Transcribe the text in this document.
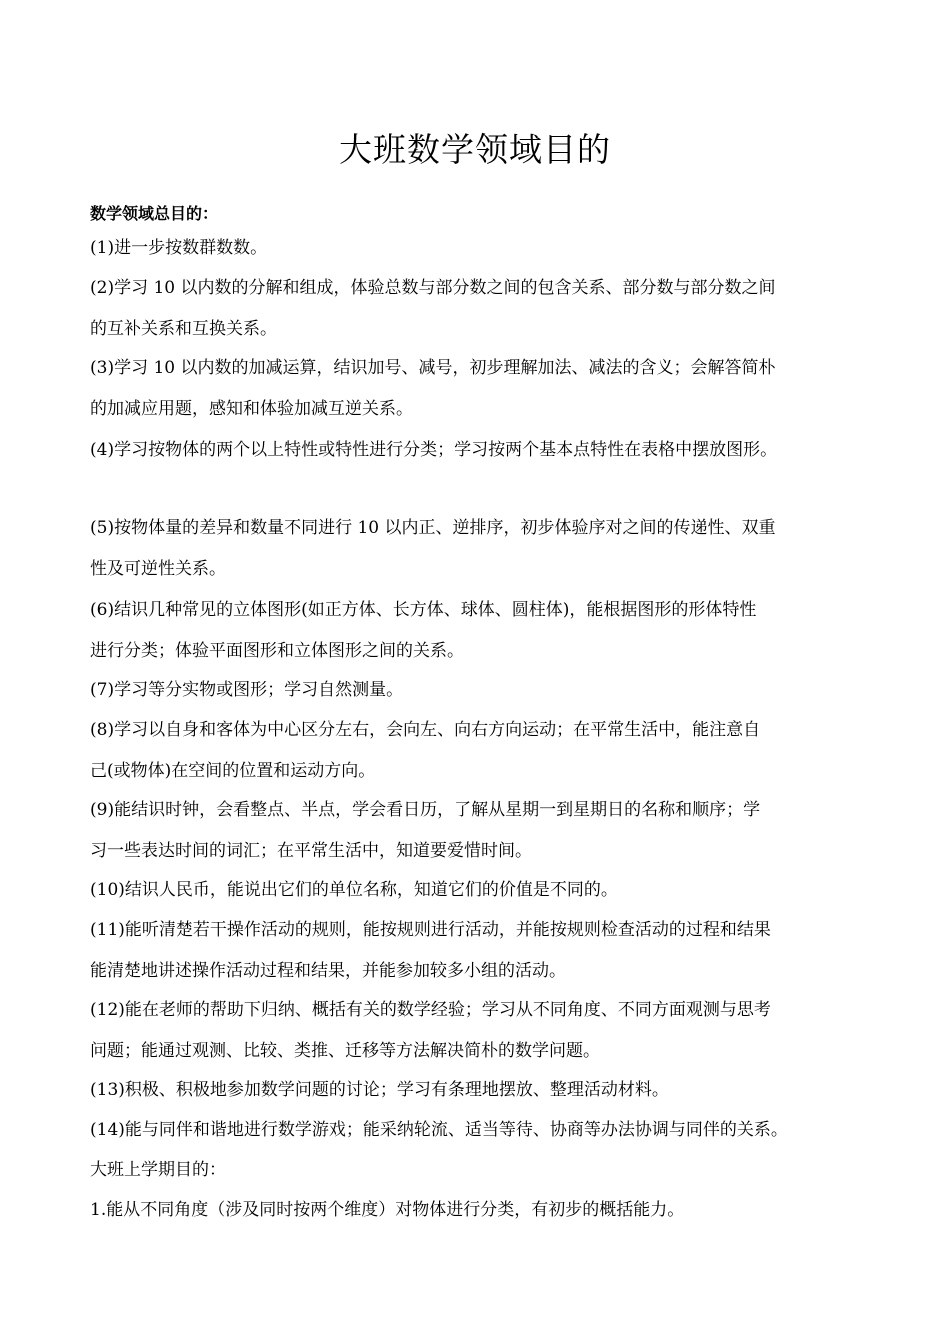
大班数学领域目的
数学领域总目的：
(1)进一步按数群数数。
(2)学习 10 以内数的分解和组成，体验总数与部分数之间的包含关系、部分数与部分数之间
的互补关系和互换关系。
(3)学习 10 以内数的加减运算，结识加号、减号，初步理解加法、减法的含义；会解答简朴
的加减应用题，感知和体验加减互逆关系。
(4)学习按物体的两个以上特性或特性进行分类；学习按两个基本点特性在表格中摆放图形。
(5)按物体量的差异和数量不同进行 10 以内正、逆排序，初步体验序对之间的传递性、双重
性及可逆性关系。
(6)结识几种常见的立体图形(如正方体、长方体、球体、圆柱体)，能根据图形的形体特性
进行分类；体验平面图形和立体图形之间的关系。
(7)学习等分实物或图形；学习自然测量。
(8)学习以自身和客体为中心区分左右，会向左、向右方向运动；在平常生活中，能注意自
己(或物体)在空间的位置和运动方向。
(9)能结识时钟，会看整点、半点，学会看日历，了解从星期一到星期日的名称和顺序；学
习一些表达时间的词汇；在平常生活中，知道要爱惜时间。
(10)结识人民币，能说出它们的单位名称，知道它们的价值是不同的。
(11)能听清楚若干操作活动的规则，能按规则进行活动，并能按规则检查活动的过程和结果
能清楚地讲述操作活动过程和结果，并能参加较多小组的活动。
(12)能在老师的帮助下归纳、概括有关的数学经验；学习从不同角度、不同方面观测与思考
问题；能通过观测、比较、类推、迁移等方法解决简朴的数学问题。
(13)积极、积极地参加数学问题的讨论；学习有条理地摆放、整理活动材料。
(14)能与同伴和谐地进行数学游戏；能采纳轮流、适当等待、协商等办法协调与同伴的关系。
大班上学期目的：
1.能从不同角度（涉及同时按两个维度）对物体进行分类，有初步的概括能力。
